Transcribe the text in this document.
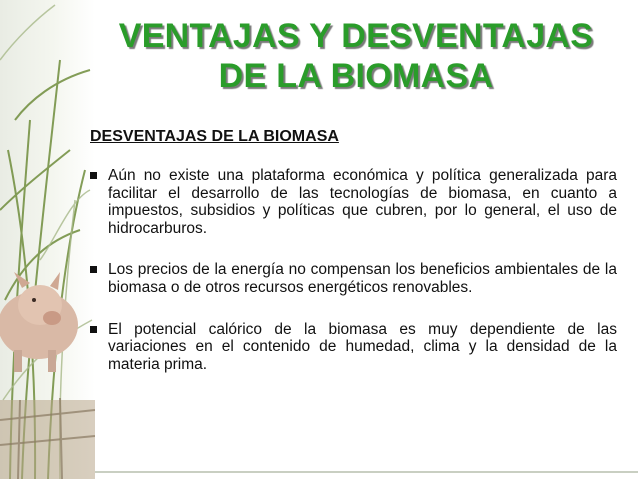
VENTAJAS Y DESVENTAJAS
DE LA BIOMASA
DESVENTAJAS DE LA BIOMASA
Aún no existe una plataforma económica y política generalizada para facilitar el desarrollo de las tecnologías de biomasa, en cuanto a impuestos, subsidios y políticas que cubren, por lo general, el uso de hidrocarburos.
Los precios de la energía no compensan los beneficios ambientales de la biomasa o de otros recursos energéticos renovables.
El potencial calórico de la biomasa es muy dependiente de las variaciones en el contenido de humedad, clima y la densidad de la materia prima.
